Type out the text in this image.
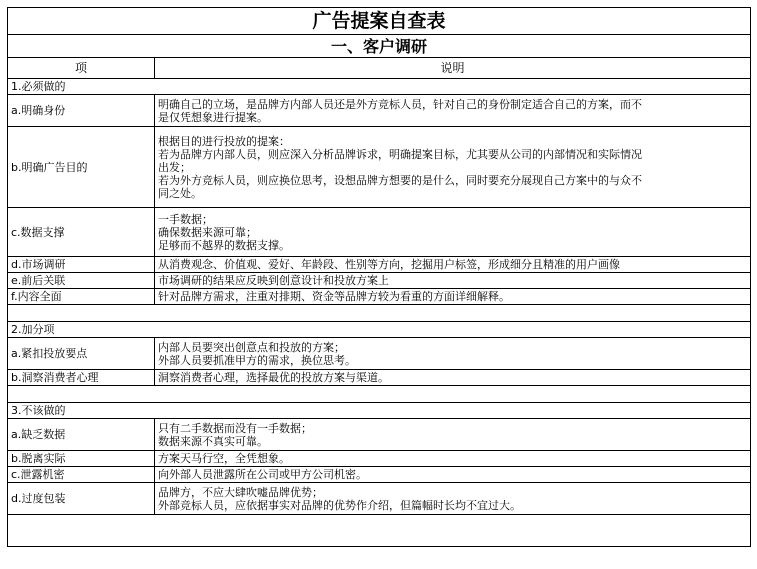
广告提案自查表	
一、客户调研	
项	说明
1.必须做的	
a.明确身份	明确自己的立场，是品牌方内部人员还是外方竞标人员，针对自己的身份制定适合自己的方案，而不
是仅凭想象进行提案。

b.明确广告目的	根据目的进行投放的提案：
若为品牌方内部人员，则应深入分析品牌诉求，明确提案目标，尤其要从公司的内部情况和实际情况
出发；
若为外方竞标人员，则应换位思考，设想品牌方想要的是什么，同时要充分展现自己方案中的与众不
同之处。

c.数据支撑	一手数据；
确保数据来源可靠；
足够而不越界的数据支撑。

d.市场调研	从消费观念、价值观、爱好、年龄段、性别等方向，挖掘用户标签，形成细分且精准的用户画像

e.前后关联	市场调研的结果应反映到创意设计和投放方案上

f.内容全面	针对品牌方需求，注重对排期、资金等品牌方较为看重的方面详细解释。

2.加分项	
a.紧扣投放要点	内部人员要突出创意点和投放的方案；
外部人员要抓准甲方的需求，换位思考。

b.洞察消费者心理	洞察消费者心理，选择最优的投放方案与渠道。

3.不该做的	
a.缺乏数据	只有二手数据而没有一手数据；
数据来源不真实可靠。

b.脱离实际	方案天马行空，全凭想象。

c.泄露机密	向外部人员泄露所在公司或甲方公司机密。

d.过度包装	品牌方，不应大肆吹嘘品牌优势；
外部竞标人员，应依据事实对品牌的优势作介绍，但篇幅时长均不宜过大。
